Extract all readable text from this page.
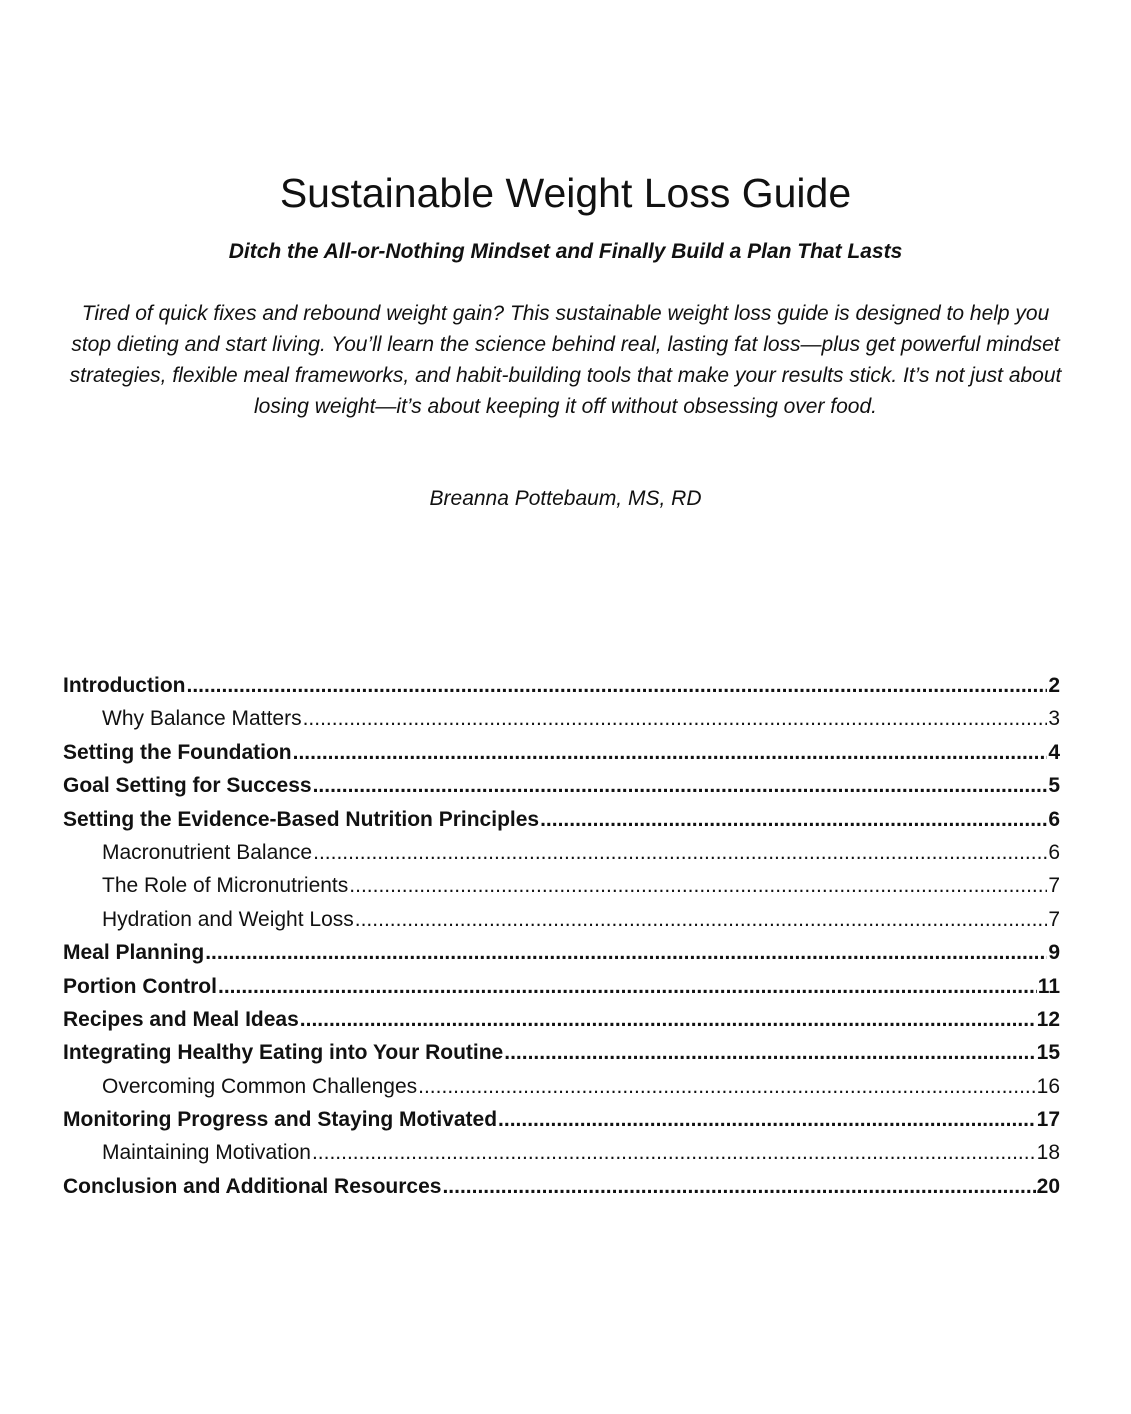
Sustainable Weight Loss Guide

Ditch the All-or-Nothing Mindset and Finally Build a Plan That Lasts

Tired of quick fixes and rebound weight gain? This sustainable weight loss guide is designed to help you stop dieting and start living. You’ll learn the science behind real, lasting fat loss—plus get powerful mindset strategies, flexible meal frameworks, and habit-building tools that make your results stick. It’s not just about losing weight—it’s about keeping it off without obsessing over food.

Breanna Pottebaum, MS, RD

Introduction .....	2
Why Balance Matters .....	3
Setting the Foundation .....	4
Goal Setting for Success .....	5
Setting the Evidence-Based Nutrition Principles .....	6
Macronutrient Balance .....	6
The Role of Micronutrients .....	7
Hydration and Weight Loss .....	7
Meal Planning .....	9
Portion Control .....	11
Recipes and Meal Ideas .....	12
Integrating Healthy Eating into Your Routine .....	15
Overcoming Common Challenges .....	16
Monitoring Progress and Staying Motivated .....	17
Maintaining Motivation .....	18
Conclusion and Additional Resources .....	20
